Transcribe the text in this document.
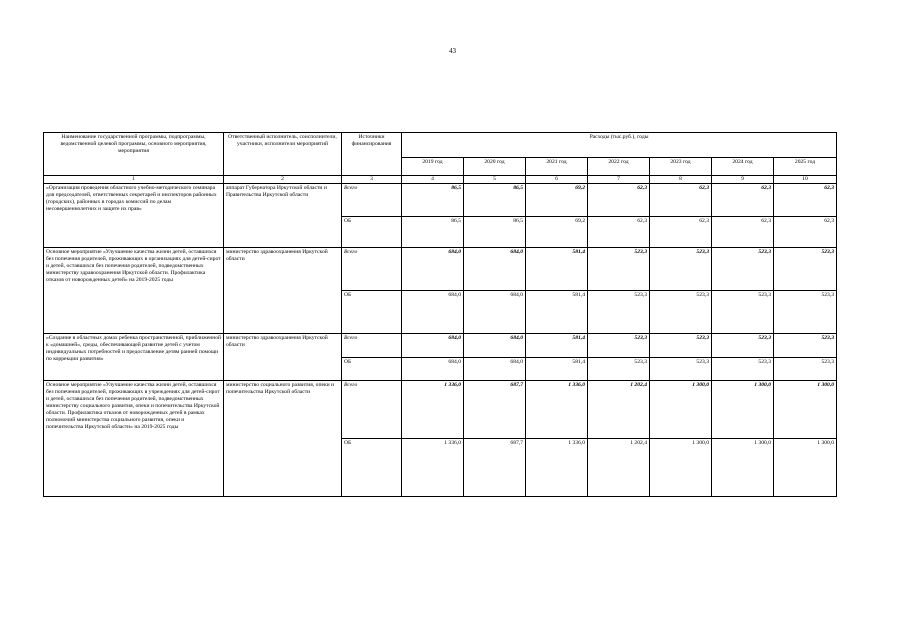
43
Наименование государственной программы, подпрограммы, ведомственной целевой программы, основного мероприятия, мероприятия	Ответственный исполнитель, соисполнители, участники, исполнители мероприятий	Источники финансирования	Расходы (тыс.руб.), годы						
			2019 год	2020 год	2021 год	2022 год	2023 год	2024 год	2025 год
1	2	3	4	5	6	7	8	9	10
«Организация проведения областного учебно-методического семинара для председателей, ответственных секретарей и инспекторов районных (городских), районных в городах комиссий по делам несовершеннолетних и защите их прав»	аппарат Губернатора Иркутской области и Правительства Иркутской области	Всего	86,5	86,5	69,2	62,3	62,3	62,3	62,3
		ОБ	86,5	86,5	69,2	62,3	62,3	62,3	62,3
Основное мероприятие «Улучшение качества жизни детей, оставшихся без попечения родителей, проживающих в организациях для детей-сирот и детей, оставшихся без попечения родителей, подведомственных министерству здравоохранения Иркутской области. Профилактика отказов от новорожденных детей» на 2019-2025 годы	министерство здравоохранения Иркутской области	Всего	684,0	684,0	581,4	523,3	523,3	523,3	523,3
		ОБ	684,0	684,0	581,4	523,3	523,3	523,3	523,3
«Создание в областных домах ребенка пространственной, приближенной к «домашней», среды, обеспечивающей развитие детей с учетом индивидуальных потребностей и предоставление детям ранней помощи по коррекции развития»	министерство здравоохранения Иркутской области	Всего	684,0	684,0	581,4	523,3	523,3	523,3	523,3
		ОБ	684,0	684,0	581,4	523,3	523,3	523,3	523,3
Основное мероприятие «Улучшение качества жизни детей, оставшихся без попечения родителей, проживающих в учреждениях для детей-сирот и детей, оставшихся без попечения родителей, подведомственных министерству социального развития, опеки и попечительства Иркутской области. Профилактика отказов от новорожденных детей в рамках полномочий министерства социального развития, опеки и попечительства Иркутской области» на 2019-2025 годы	министерство социального развития, опеки и попечительства Иркутской области	Всего	1 336,0	687,7	1 336,0	1 202,4	1 300,0	1 300,0	1 300,0
		ОБ	1 336,0	687,7	1 336,0	1 202,4	1 300,0	1 300,0	1 300,0
